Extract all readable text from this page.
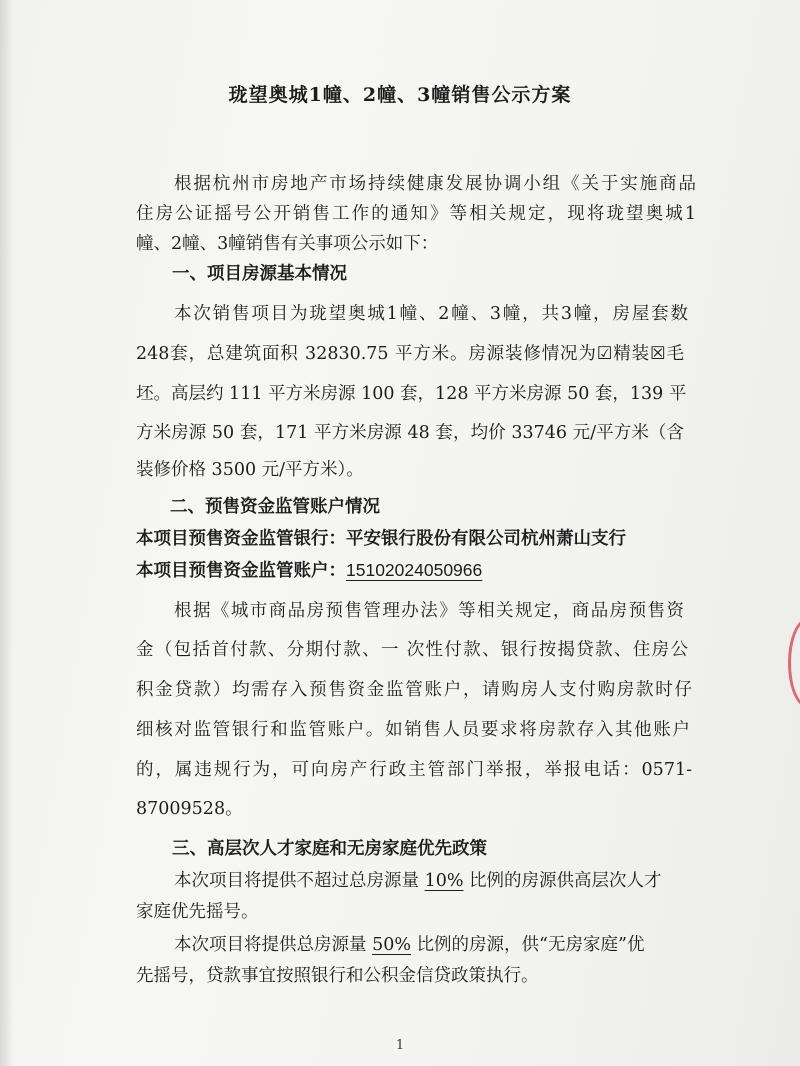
珑望奥城1幢、2幢、3幢销售公示方案
根据杭州市房地产市场持续健康发展协调小组《关于实施商品
住房公证摇号公开销售工作的通知》等相关规定，现将珑望奥城1
幢、2幢、3幢销售有关事项公示如下：
一、项目房源基本情况
本次销售项目为珑望奥城1幢、2幢、3幢，共3幢，房屋套数
248套，总建筑面积 32830.75 平方米。房源装修情况为☑精装☒毛
坯。高层约 111 平方米房源 100 套，128 平方米房源 50 套，139 平
方米房源 50 套，171 平方米房源 48 套，均价 33746 元/平方米（含
装修价格 3500 元/平方米）。
二、预售资金监管账户情况
本项目预售资金监管银行：平安银行股份有限公司杭州萧山支行
本项目预售资金监管账户：15102024050966
根据《城市商品房预售管理办法》等相关规定，商品房预售资
金（包括首付款、分期付款、一 次性付款、银行按揭贷款、住房公
积金贷款）均需存入预售资金监管账户，请购房人支付购房款时仔
细核对监管银行和监管账户。如销售人员要求将房款存入其他账户
的，属违规行为，可向房产行政主管部门举报，举报电话：0571-
87009528。
三、高层次人才家庭和无房家庭优先政策
本次项目将提供不超过总房源量 10% 比例的房源供高层次人才
家庭优先摇号。
本次项目将提供总房源量 50% 比例的房源，供“无房家庭”优
先摇号，贷款事宜按照银行和公积金信贷政策执行。
1
